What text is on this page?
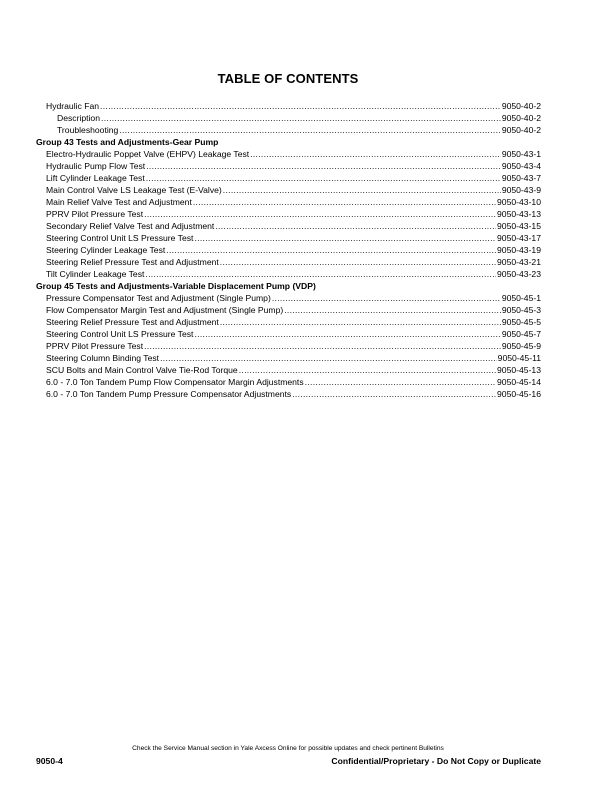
TABLE OF CONTENTS
Hydraulic Fan .....	9050-40-2
Description .....	9050-40-2
Troubleshooting .....	9050-40-2
Group 43 Tests and Adjustments-Gear Pump
Electro-Hydraulic Poppet Valve (EHPV) Leakage Test .....	9050-43-1
Hydraulic Pump Flow Test .....	9050-43-4
Lift Cylinder Leakage Test .....	9050-43-7
Main Control Valve LS Leakage Test (E-Valve) .....	9050-43-9
Main Relief Valve Test and Adjustment .....	9050-43-10
PPRV Pilot Pressure Test .....	9050-43-13
Secondary Relief Valve Test and Adjustment .....	9050-43-15
Steering Control Unit LS Pressure Test .....	9050-43-17
Steering Cylinder Leakage Test .....	9050-43-19
Steering Relief Pressure Test and Adjustment .....	9050-43-21
Tilt Cylinder Leakage Test .....	9050-43-23
Group 45 Tests and Adjustments-Variable Displacement Pump (VDP)
Pressure Compensator Test and Adjustment (Single Pump) .....	9050-45-1
Flow Compensator Margin Test and Adjustment (Single Pump) .....	9050-45-3
Steering Relief Pressure Test and Adjustment .....	9050-45-5
Steering Control Unit LS Pressure Test .....	9050-45-7
PPRV Pilot Pressure Test .....	9050-45-9
Steering Column Binding Test .....	9050-45-11
SCU Bolts and Main Control Valve Tie-Rod Torque .....	9050-45-13
6.0 - 7.0 Ton Tandem Pump Flow Compensator Margin Adjustments .....	9050-45-14
6.0 - 7.0 Ton Tandem Pump Pressure Compensator Adjustments .....	9050-45-16
Check the Service Manual section in Yale Axcess Online for possible updates and check pertinent Bulletins
9050-4	Confidential/Proprietary - Do Not Copy or Duplicate
